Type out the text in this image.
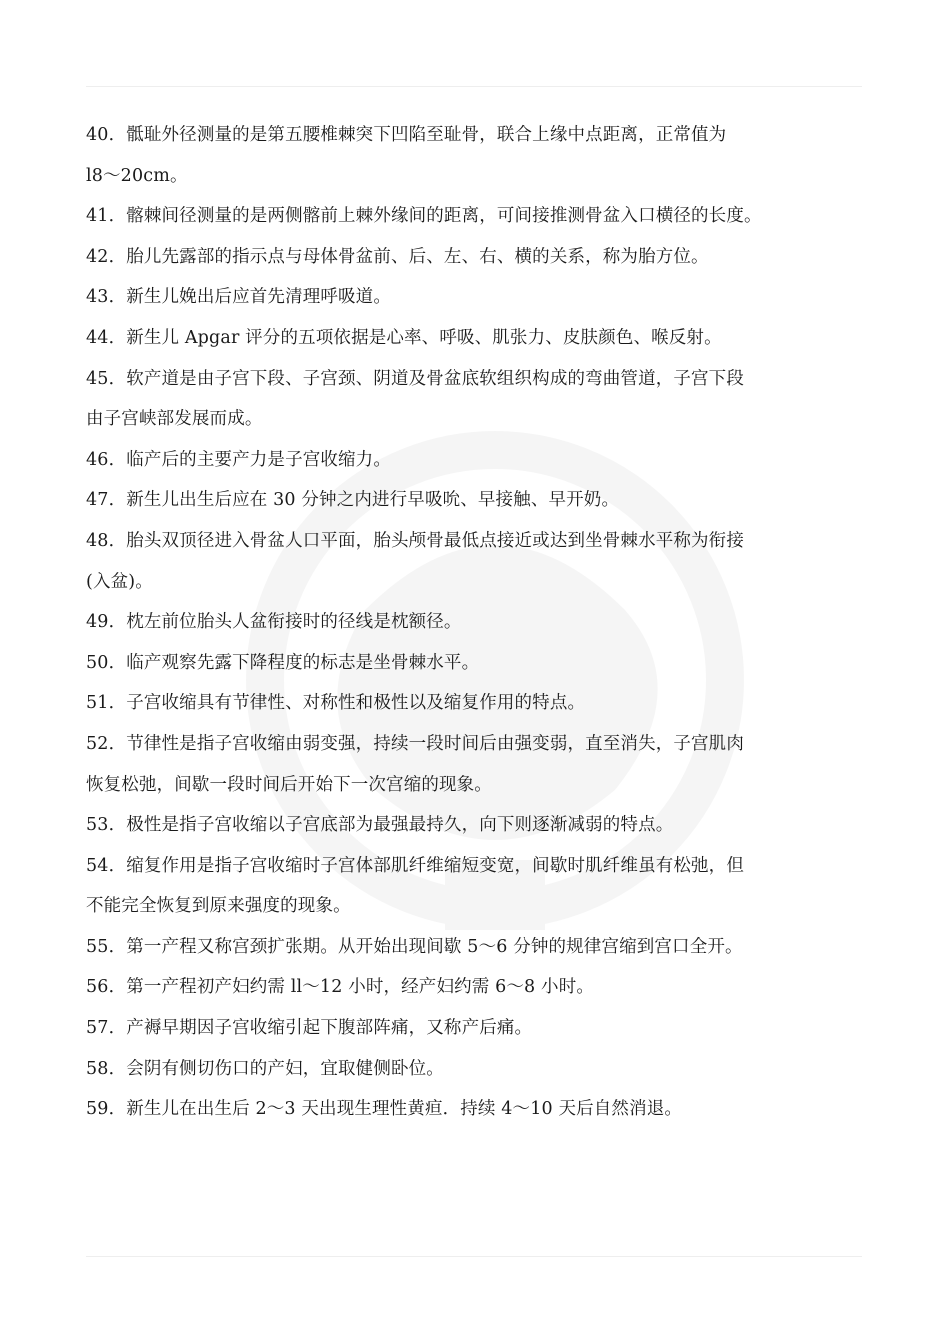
40．骶耻外径测量的是第五腰椎棘突下凹陷至耻骨，联合上缘中点距离，正常值为

l8～20cm。

41．髂棘间径测量的是两侧髂前上棘外缘间的距离，可间接推测骨盆入口横径的长度。

42．胎儿先露部的指示点与母体骨盆前、后、左、右、横的关系，称为胎方位。

43．新生儿娩出后应首先清理呼吸道。

44．新生儿 Apgar 评分的五项依据是心率、呼吸、肌张力、皮肤颜色、喉反射。

45．软产道是由子宫下段、子宫颈、阴道及骨盆底软组织构成的弯曲管道，子宫下段

由子宫峡部发展而成。

46．临产后的主要产力是子宫收缩力。

47．新生儿出生后应在 30 分钟之内进行早吸吮、早接触、早开奶。

48．胎头双顶径进入骨盆人口平面，胎头颅骨最低点接近或达到坐骨棘水平称为衔接

(入盆)。

49．枕左前位胎头人盆衔接时的径线是枕额径。

50．临产观察先露下降程度的标志是坐骨棘水平。

51．子宫收缩具有节律性、对称性和极性以及缩复作用的特点。

52．节律性是指子宫收缩由弱变强，持续一段时间后由强变弱，直至消失，子宫肌肉

恢复松弛，间歇一段时间后开始下一次宫缩的现象。

53．极性是指子宫收缩以子宫底部为最强最持久，向下则逐渐减弱的特点。

54．缩复作用是指子宫收缩时子宫体部肌纤维缩短变宽，间歇时肌纤维虽有松弛，但

不能完全恢复到原来强度的现象。

55．第一产程又称宫颈扩张期。从开始出现间歇 5～6 分钟的规律宫缩到宫口全开。

56．第一产程初产妇约需 ll～12 小时，经产妇约需 6～8 小时。

57．产褥早期因子宫收缩引起下腹部阵痛，又称产后痛。

58．会阴有侧切伤口的产妇，宜取健侧卧位。

59．新生儿在出生后 2～3 天出现生理性黄疸．持续 4～10 天后自然消退。
